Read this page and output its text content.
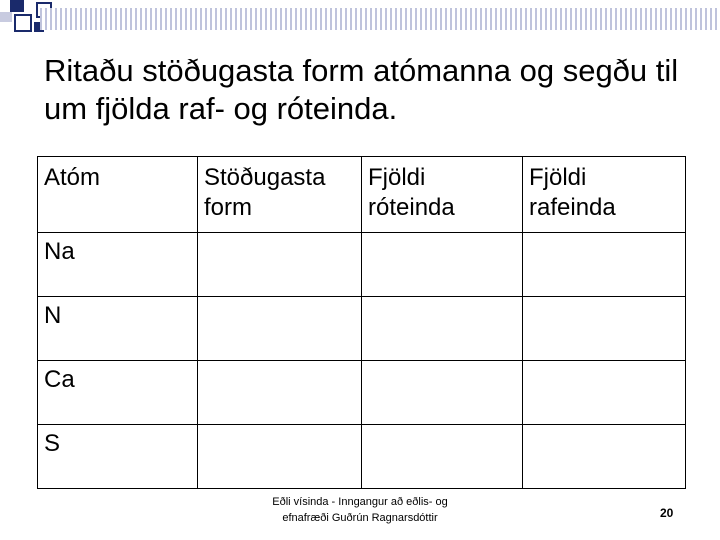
Ritaðu stöðugasta form atómanna og segðu til um fjölda raf- og róteinda.
Atóm	Stöðugasta form	Fjöldi róteinda	Fjöldi rafeinda
Na			
N			
Ca			
S			
Eðli vísinda - Inngangur að eðlis- og
efnafræði Guðrún Ragnarsdóttir	20
